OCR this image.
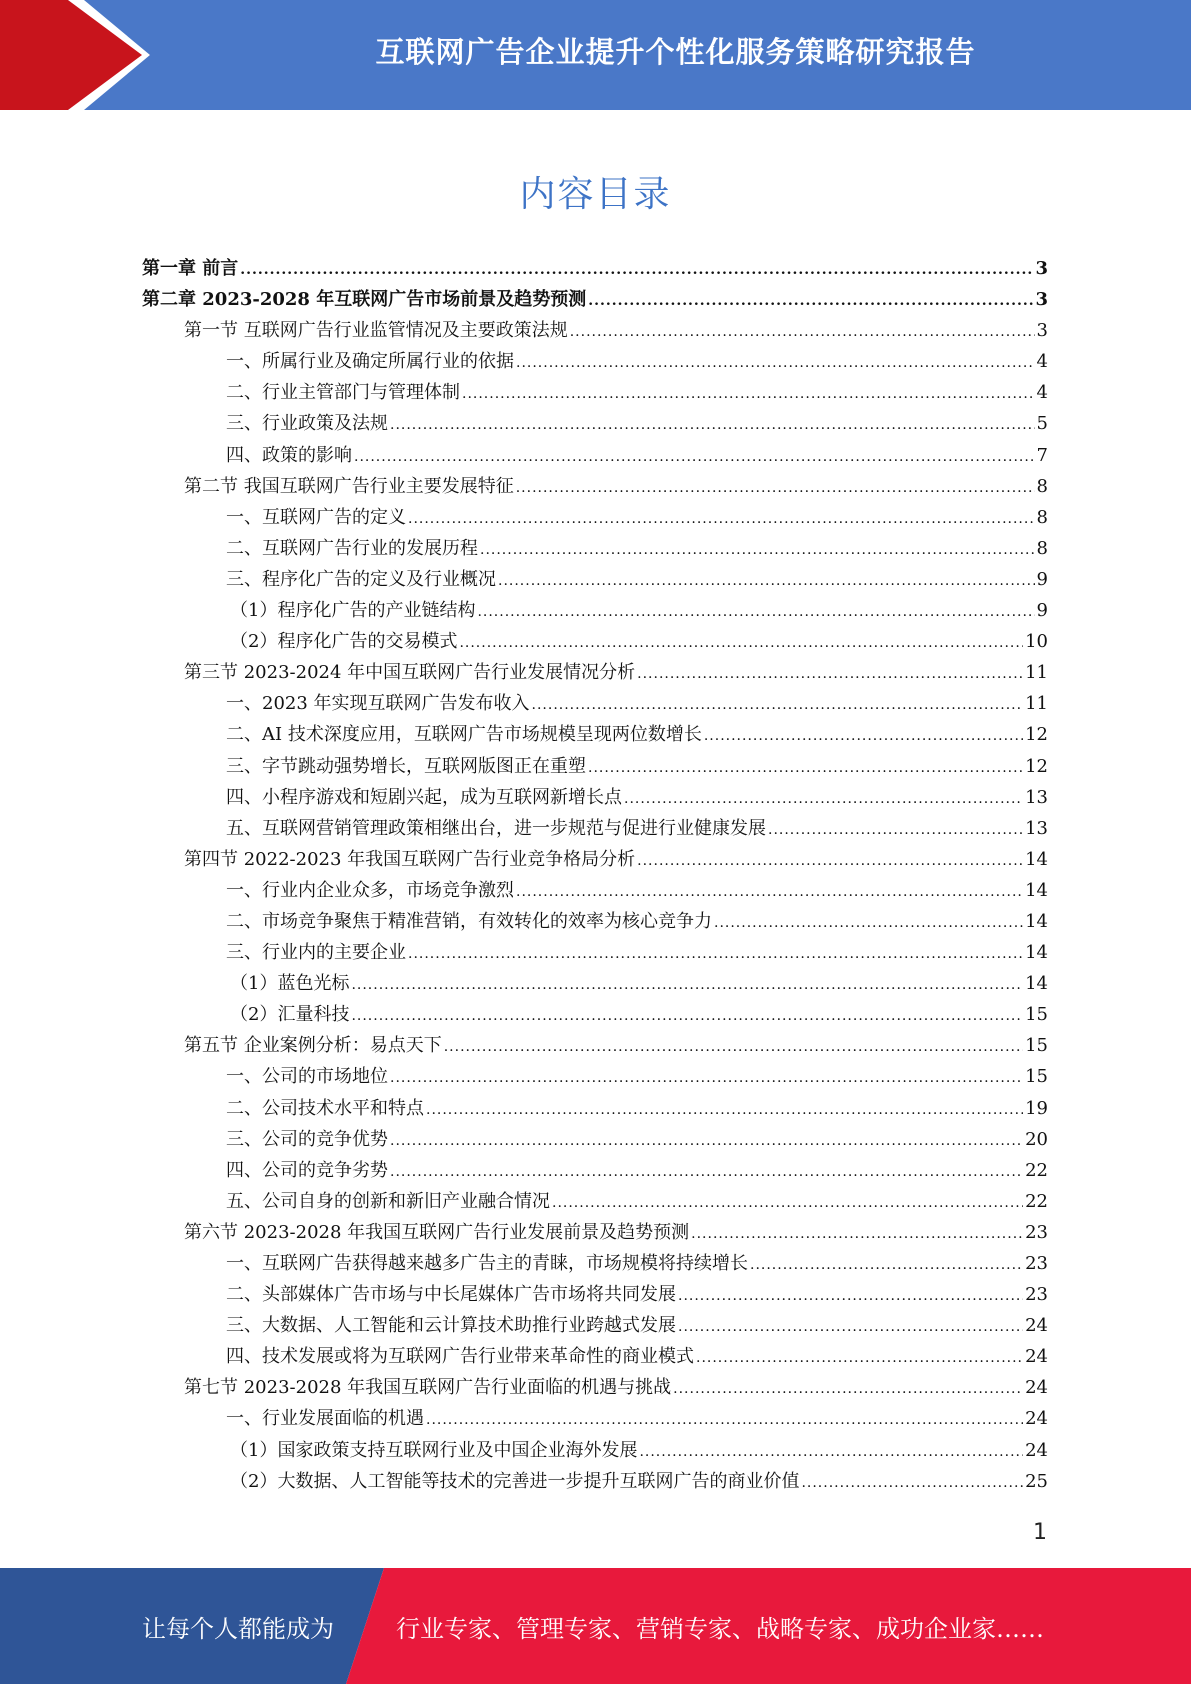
互联网广告企业提升个性化服务策略研究报告
内容目录
第一章 前言 .....	3
第二章 2023-2028 年互联网广告市场前景及趋势预测 .....	3
第一节 互联网广告行业监管情况及主要政策法规 .....	3
一、所属行业及确定所属行业的依据 .....	4
二、行业主管部门与管理体制 .....	4
三、行业政策及法规 .....	5
四、政策的影响 .....	7
第二节 我国互联网广告行业主要发展特征 .....	8
一、互联网广告的定义 .....	8
二、互联网广告行业的发展历程 .....	8
三、程序化广告的定义及行业概况 .....	9
（1）程序化广告的产业链结构 .....	9
（2）程序化广告的交易模式 .....	10
第三节 2023-2024 年中国互联网广告行业发展情况分析 .....	11
一、2023 年实现互联网广告发布收入 .....	11
二、AI 技术深度应用，互联网广告市场规模呈现两位数增长 .....	12
三、字节跳动强势增长，互联网版图正在重塑 .....	12
四、小程序游戏和短剧兴起，成为互联网新增长点 .....	13
五、互联网营销管理政策相继出台，进一步规范与促进行业健康发展 .....	13
第四节 2022-2023 年我国互联网广告行业竞争格局分析 .....	14
一、行业内企业众多，市场竞争激烈 .....	14
二、市场竞争聚焦于精准营销，有效转化的效率为核心竞争力 .....	14
三、行业内的主要企业 .....	14
（1）蓝色光标 .....	14
（2）汇量科技 .....	15
第五节 企业案例分析：易点天下 .....	15
一、公司的市场地位 .....	15
二、公司技术水平和特点 .....	19
三、公司的竞争优势 .....	20
四、公司的竞争劣势 .....	22
五、公司自身的创新和新旧产业融合情况 .....	22
第六节 2023-2028 年我国互联网广告行业发展前景及趋势预测 .....	23
一、互联网广告获得越来越多广告主的青睐，市场规模将持续增长 .....	23
二、头部媒体广告市场与中长尾媒体广告市场将共同发展 .....	23
三、大数据、人工智能和云计算技术助推行业跨越式发展 .....	24
四、技术发展或将为互联网广告行业带来革命性的商业模式 .....	24
第七节 2023-2028 年我国互联网广告行业面临的机遇与挑战 .....	24
一、行业发展面临的机遇 .....	24
（1）国家政策支持互联网行业及中国企业海外发展 .....	24
（2）大数据、人工智能等技术的完善进一步提升互联网广告的商业价值 .....	25
1
让每个人都能成为	行业专家、管理专家、营销专家、战略专家、成功企业家……
